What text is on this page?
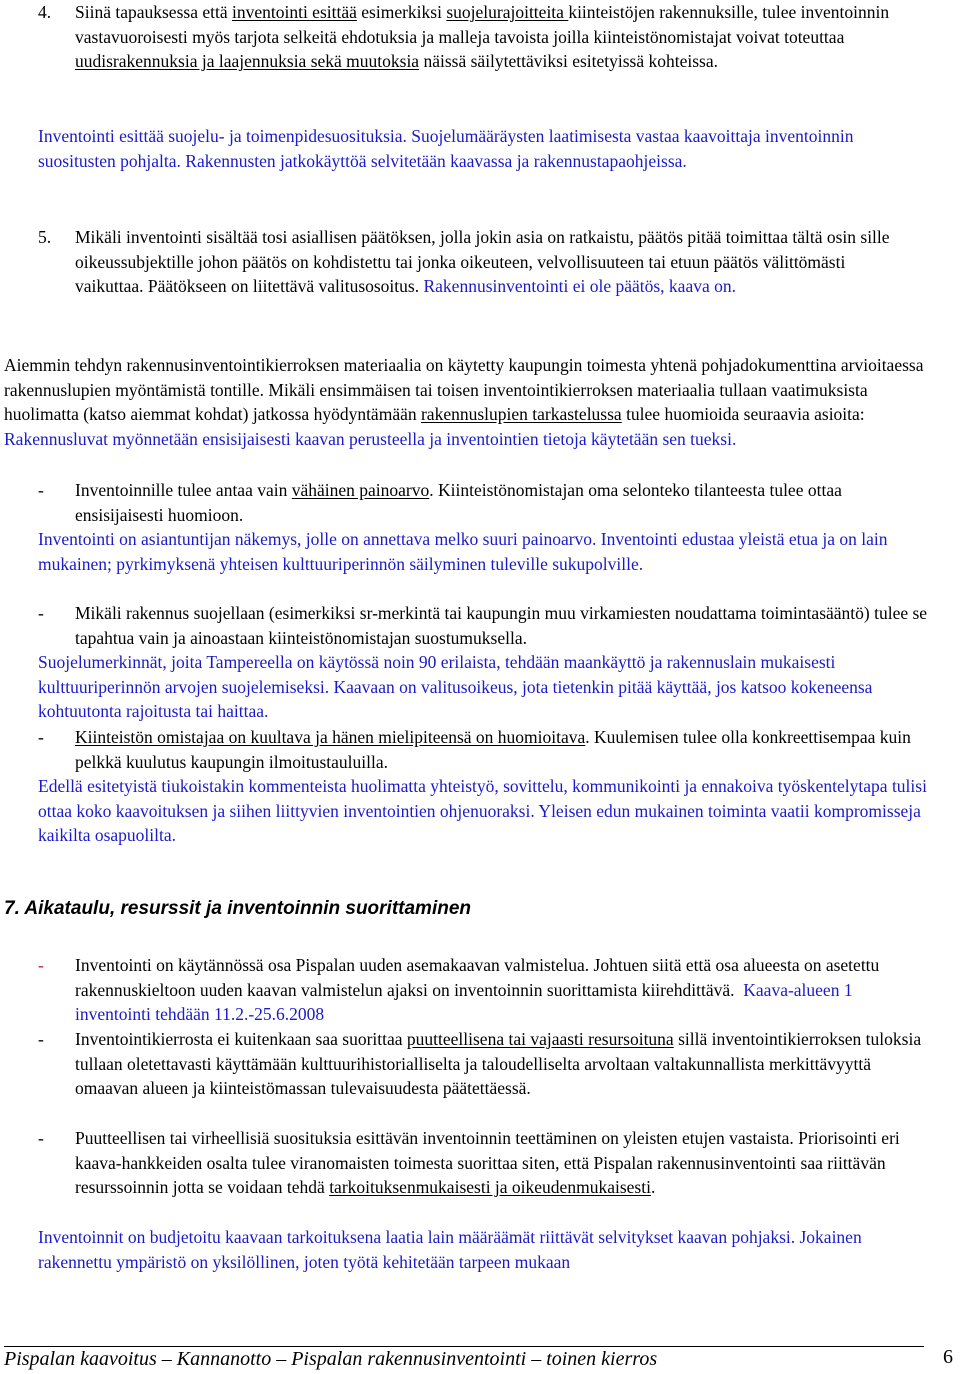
4. Siinä tapauksessa että inventointi esittää esimerkiksi suojelurajoitteita kiinteistöjen rakennuksille, tulee inventoinnin vastavuoroisesti myös tarjota selkeitä ehdotuksia ja malleja tavoista joilla kiinteistönomistajat voivat toteuttaa uudisrakennuksia ja laajennuksia sekä muutoksia näissä säilytettäviksi esitetyissä kohteissa.
Inventointi esittää suojelu- ja toimenpidesuosituksia. Suojelumääräysten laatimisesta vastaa kaavoittaja inventoinnin suositusten pohjalta. Rakennusten jatkokäyttöä selvitetään kaavassa ja rakennustapaohjeissa.
5. Mikäli inventointi sisältää tosi asiallisen päätöksen, jolla jokin asia on ratkaistu, päätös pitää toimittaa tältä osin sille oikeussubjektille johon päätös on kohdistettu tai jonka oikeuteen, velvollisuuteen tai etuun päätös välittömästi vaikuttaa. Päätökseen on liitettävä valitusosoitus. Rakennusinventointi ei ole päätös, kaava on.
Aiemmin tehdyn rakennusinventointikierroksen materiaalia on käytetty kaupungin toimesta yhtenä pohjadokumenttina arvioitaessa rakennuslupien myöntämistä tontille. Mikäli ensimmäisen tai toisen inventointikierroksen materiaalia tullaan vaatimuksista huolimatta (katso aiemmat kohdat) jatkossa hyödyntämään rakennuslupien tarkastelussa tulee huomioida seuraavia asioita:
Rakennusluvat myönnetään ensisijaisesti kaavan perusteella ja inventointien tietoja käytetään sen tueksi.
- Inventoinnille tulee antaa vain vähäinen painoarvo. Kiinteistönomistajan oma selonteko tilanteesta tulee ottaa ensisijaisesti huomioon.
Inventointi on asiantuntijan näkemys, jolle on annettava melko suuri painoarvo. Inventointi edustaa yleistä etua ja on lain mukainen; pyrkimyksenä yhteisen kulttuuriperinnön säilyminen tuleville sukupolville.
- Mikäli rakennus suojellaan (esimerkiksi sr-merkintä tai kaupungin muu virkamiesten noudattama toimintasääntö) tulee se tapahtua vain ja ainoastaan kiinteistönomistajan suostumuksella.
Suojelumerkinnät, joita Tampereella on käytössä noin 90 erilaista, tehdään maankäyttö ja rakennuslain mukaisesti kulttuuriperinnön arvojen suojelemiseksi. Kaavaan on valitusoikeus, jota tietenkin pitää käyttää, jos katsoo kokeneensa kohtuutonta rajoitusta tai haittaa.
- Kiinteistön omistajaa on kuultava ja hänen mielipiteensä on huomioitava. Kuulemisen tulee olla konkreettisempaa kuin pelkkä kuulutus kaupungin ilmoitustauluilla.
Edellä esitetyistä tiukoistakin kommenteista huolimatta yhteistyö, sovittelu, kommunikointi ja ennakoiva työskentelytapa tulisi ottaa koko kaavoituksen ja siihen liittyvien inventointien ohjenuoraksi. Yleisen edun mukainen toiminta vaatii kompromisseja kaikilta osapuolilta.
7. Aikataulu, resurssit ja inventoinnin suorittaminen
- Inventointi on käytännössä osa Pispalan uuden asemakaavan valmistelua. Johtuen siitä että osa alueesta on asetettu rakennuskieltoon uuden kaavan valmistelun ajaksi on inventoinnin suorittamista kiirehdittävä. Kaava-alueen 1 inventointi tehdään 11.2.-25.6.2008
- Inventointikierrosta ei kuitenkaan saa suorittaa puutteellisena tai vajaasti resursoituna sillä inventointikierroksen tuloksia tullaan oletettavasti käyttämään kulttuurihistorialliselta ja taloudelliselta arvoltaan valtakunnallista merkittävyyttä omaavan alueen ja kiinteistömassan tulevaisuudesta päätettäessä.
- Puutteellisen tai virheellisiä suosituksia esittävän inventoinnin teettäminen on yleisten etujen vastaista. Priorisointi eri kaava-hankkeiden osalta tulee viranomaisten toimesta suorittaa siten, että Pispalan rakennusinventointi saa riittävän resurssoinnin jotta se voidaan tehdä tarkoituksenmukaisesti ja oikeudenmukaisesti.
Inventoinnit on budjetoitu kaavaan tarkoituksena laatia lain määräämät riittävät selvitykset kaavan pohjaksi. Jokainen rakennettu ympäristö on yksilöllinen, joten työtä kehitetään tarpeen mukaan
Pispalan kaavoitus – Kannanotto – Pispalan rakennusinventointi – toinen kierros	6
